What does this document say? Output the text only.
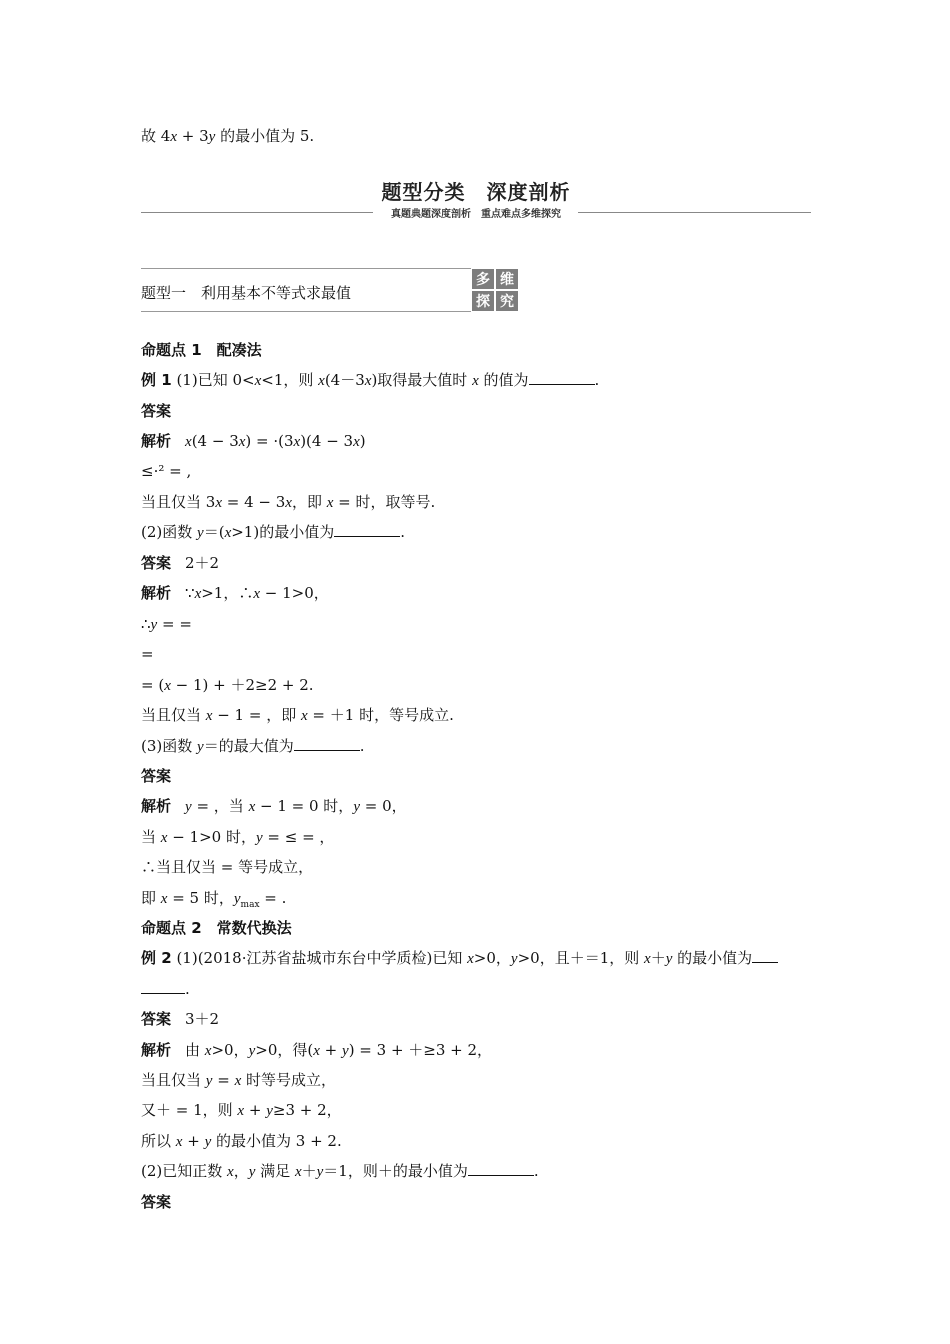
故 4x + 3y 的最小值为 5.
题型分类　深度剖析
真题典题深度剖析　重点难点多维探究
题型一　利用基本不等式求最值
多 维
探 究
命题点 1　配凑法
例 1 (1)已知 0<x<1，则 x(4－3x)取得最大值时 x 的值为	.
答案
解析 x(4 − 3x) = ·(3x)(4 − 3x)
≤·² = ,
当且仅当 3x = 4 − 3x，即 x = 时，取等号.
(2)函数 y＝(x>1)的最小值为	.
答案 2＋2
解析 ∵x>1，∴x − 1>0，
∴y = =
=
= (x − 1) + ＋2≥2 + 2.
当且仅当 x − 1 = ，即 x = ＋1 时，等号成立.
(3)函数 y＝的最大值为	.
答案
解析 y = ，当 x − 1 = 0 时，y = 0，
当 x − 1>0 时，y = ≤ = ，
∴当且仅当 = 等号成立，
即 x = 5 时，$y_{max}$ = .
命题点 2　常数代换法
例 2 (1)(2018·江苏省盐城市东台中学质检)已知 x>0，y>0，且＋＝1，则 x＋y 的最小值为
.
答案 3＋2
解析 由 x>0，y>0，得(x + y) = 3 + ＋≥3 + 2，
当且仅当 y = x 时等号成立，
又＋ = 1，则 x + y≥3 + 2，
所以 x + y 的最小值为 3 + 2.
(2)已知正数 x，y 满足 x＋y＝1，则＋的最小值为	.
答案
